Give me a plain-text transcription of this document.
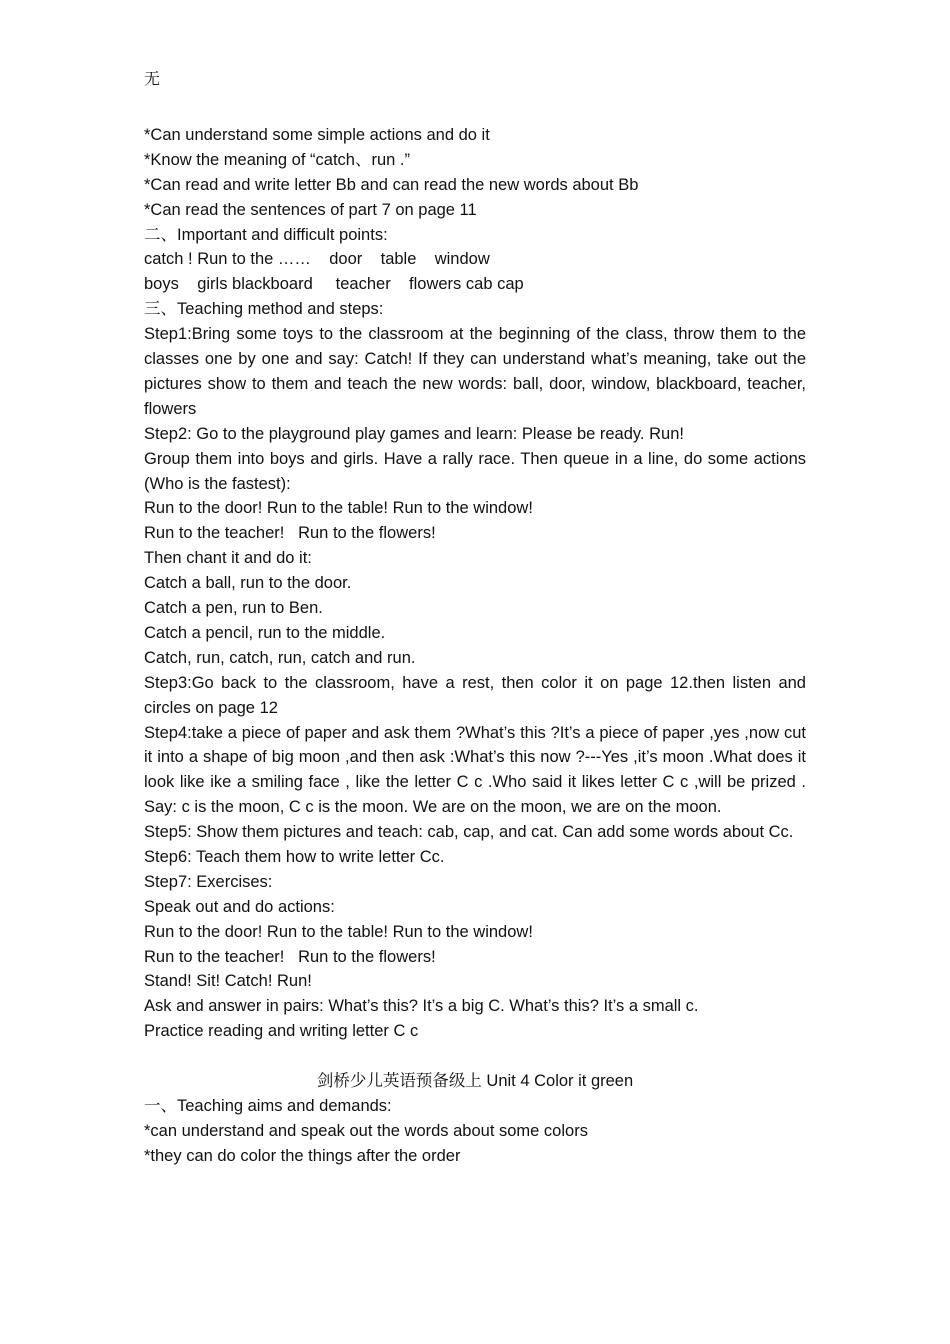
无
*Can understand some simple actions and do it
*Know the meaning of “catch、run .”
*Can read and write letter Bb and can read the new words about Bb
*Can read the sentences of part 7 on page 11
二、Important and difficult points:
catch ! Run to the ……    door    table    window
boys    girls blackboard     teacher    flowers cab cap
三、Teaching method and steps:
Step1:Bring some toys to the classroom at the beginning of the class, throw them to the classes one by one and say: Catch! If they can understand what’s meaning, take out the pictures show to them and teach the new words: ball, door, window, blackboard, teacher, flowers
Step2: Go to the playground play games and learn: Please be ready. Run!
Group them into boys and girls. Have a rally race. Then queue in a line, do some actions (Who is the fastest):
Run to the door! Run to the table! Run to the window!
Run to the teacher!   Run to the flowers!
Then chant it and do it:
Catch a ball, run to the door.
Catch a pen, run to Ben.
Catch a pencil, run to the middle.
Catch, run, catch, run, catch and run.
Step3:Go back to the classroom, have a rest, then color it on page 12.then listen and circles on page 12
Step4:take a piece of paper and ask them ?What’s this ?It’s a piece of paper ,yes ,now cut it into a shape of big moon ,and then ask :What’s this now ?---Yes ,it’s moon .What does it look like ike a smiling face , like the letter C c .Who said it likes letter C c ,will be prized . Say: c is the moon, C c is the moon. We are on the moon, we are on the moon.
Step5: Show them pictures and teach: cab, cap, and cat. Can add some words about Cc.
Step6: Teach them how to write letter Cc.
Step7: Exercises:
Speak out and do actions:
Run to the door! Run to the table! Run to the window!
Run to the teacher!   Run to the flowers!
Stand! Sit! Catch! Run!
Ask and answer in pairs: What’s this? It’s a big C. What’s this? It’s a small c.
Practice reading and writing letter C c
剑桥少儿英语预备级上 Unit 4 Color it green
一、Teaching aims and demands:
*can understand and speak out the words about some colors
*they can do color the things after the order
